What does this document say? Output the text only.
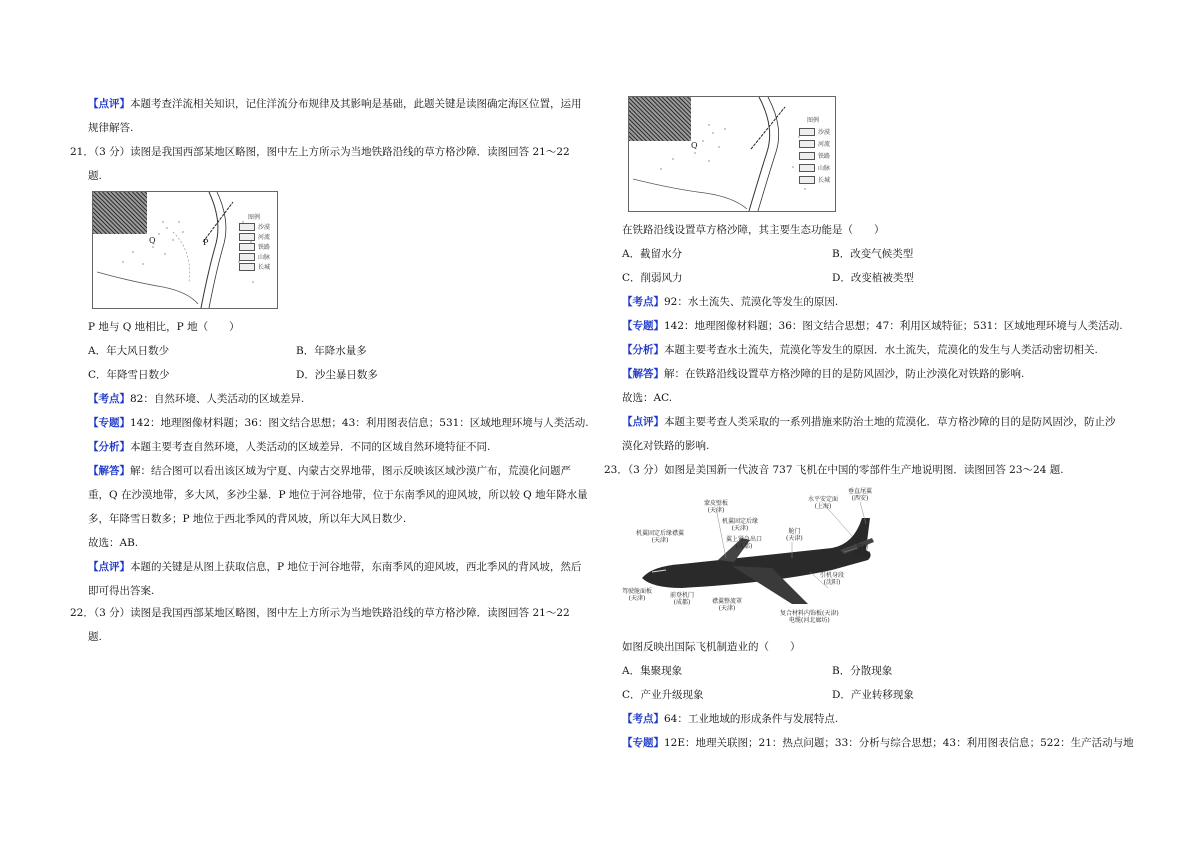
【 点评 】 本题考查洋流相关知识，记住洋流分布规律及其影响是基础，此题关键是读图确定海区位置，运用
规律解答.
21．（3 分）读图是我国西部某地区略图，图中左上方所示为当地铁路沿线的草方格沙障．读图回答 21～22
题.
Q	P
图例
沙漠
河流
铁路
山脉
长城
P 地与 Q 地相比，P 地（　　）
A．年大风日数少	B．年降水量多
C．年降雪日数少	D．沙尘暴日数多
【 考点 】 82：自然环境、人类活动的区域差异.
【 专题 】 142：地理图像材料题；36：图文结合思想；43：利用图表信息；531：区域地理环境与人类活动.
【 分析 】 本题主要考查自然环境，人类活动的区域差异．不同的区域自然环境特征不同.
【 解答 】 解：结合图可以看出该区域为宁夏、内蒙古交界地带，图示反映该区域沙漠广布，荒漠化问题严
重，Q 在沙漠地带，多大风，多沙尘暴．P 地位于河谷地带，位于东南季风的迎风坡，所以较 Q 地年降水量
多，年降雪日数多；P 地位于西北季风的背风坡，所以年大风日数少.
故选：AB.
【 点评 】 本题的关键是从图上获取信息，P 地位于河谷地带，东南季风的迎风坡，西北季风的背风坡，然后
即可得出答案.
22．（3 分）读图是我国西部某地区略图，图中左上方所示为当地铁路沿线的草方格沙障．读图回答 21～22
题.
Q
图例
沙漠
河流
铁路
山脉
长城
在铁路沿线设置草方格沙障，其主要生态功能是（　　）
A．截留水分	B．改变气候类型
C．削弱风力	D．改变植被类型
【 考点 】 92：水土流失、荒漠化等发生的原因.
【 专题 】 142：地理图像材料题；36：图文结合思想；47：利用区域特征；531：区域地理环境与人类活动.
【 分析 】 本题主要考查水土流失，荒漠化等发生的原因．水土流失，荒漠化的发生与人类活动密切相关.
【 解答 】 解：在铁路沿线设置草方格沙障的目的是防风固沙，防止沙漠化对铁路的影响.
故选：AC.
【 点评 】 本题主要考查人类采取的一系列措施来防治土地的荒漠化．草方格沙障的目的是防风固沙，防止沙
漠化对铁路的影响.
23．（3 分）如图是美国新一代波音 737 飞机在中国的零部件生产地说明图．读图回答 23～24 题.
垂直尾翼
(西安)
水平安定面
(上海)
蒙皮壁板
(天津)
机翼固定后缘
(天津)
机翼固定后缘襟翼
(天津)	翼上紧急出口
(成都)
舱门
(天津)
翅膀
(天津)
驾驶舱面板
(天津)	前登机门
(成都)	襟翼整流罩
(天津)
引机身段
(沈阳)
复合材料内饰板(天津)
电缆(河北廊坊)
如图反映出国际飞机制造业的（　　）
A．集聚现象	B．分散现象
C．产业升级现象	D．产业转移现象
【 考点 】 64：工业地域的形成条件与发展特点.
【 专题 】 12E：地理关联图；21：热点问题；33：分析与综合思想；43：利用图表信息；522：生产活动与地
